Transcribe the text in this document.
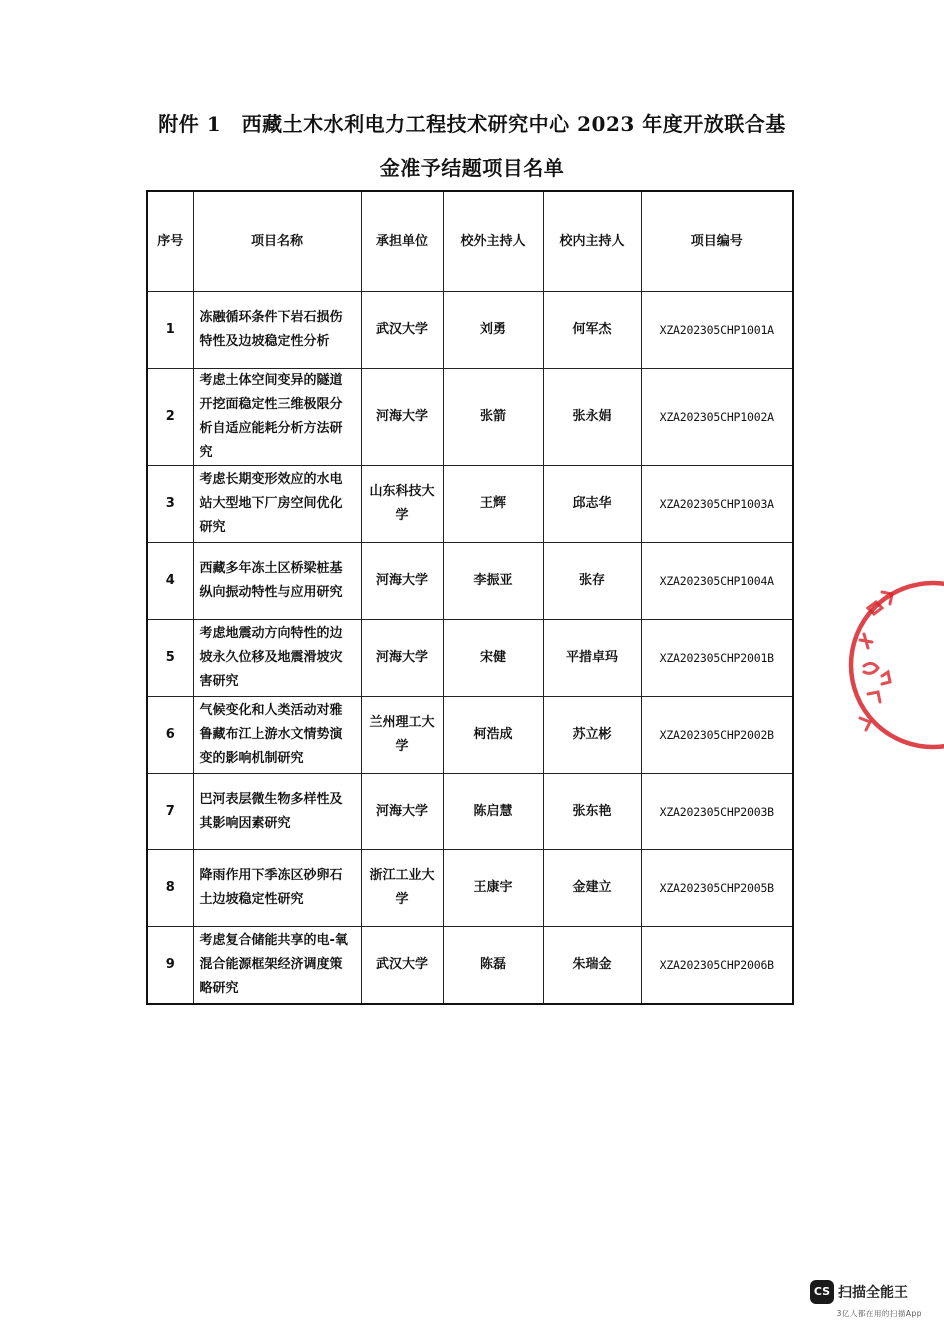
附件 1　西藏土木水利电力工程技术研究中心 2023 年度开放联合基
金准予结题项目名单
序号	项目名称	承担单位	校外主持人	校内主持人	项目编号
1	冻融循环条件下岩石损伤特性及边坡稳定性分析	武汉大学	刘勇	何军杰	XZA202305CHP1001A
2	考虑土体空间变异的隧道开挖面稳定性三维极限分析自适应能耗分析方法研究	河海大学	张箭	张永娟	XZA202305CHP1002A
3	考虑长期变形效应的水电站大型地下厂房空间优化研究	山东科技大学	王辉	邱志华	XZA202305CHP1003A
4	西藏多年冻土区桥梁桩基纵向振动特性与应用研究	河海大学	李振亚	张存	XZA202305CHP1004A
5	考虑地震动方向特性的边坡永久位移及地震滑坡灾害研究	河海大学	宋健	平措卓玛	XZA202305CHP2001B
6	气候变化和人类活动对雅鲁藏布江上游水文情势演变的影响机制研究	兰州理工大学	柯浩成	苏立彬	XZA202305CHP2002B
7	巴河表层微生物多样性及其影响因素研究	河海大学	陈启慧	张东艳	XZA202305CHP2003B
8	降雨作用下季冻区砂卵石土边坡稳定性研究	浙江工业大学	王康宇	金建立	XZA202305CHP2005B
9	考虑复合储能共享的电-氧混合能源框架经济调度策略研究	武汉大学	陈磊	朱瑞金	XZA202305CHP2006B
CS 扫描全能王
3亿人都在用的扫描App
